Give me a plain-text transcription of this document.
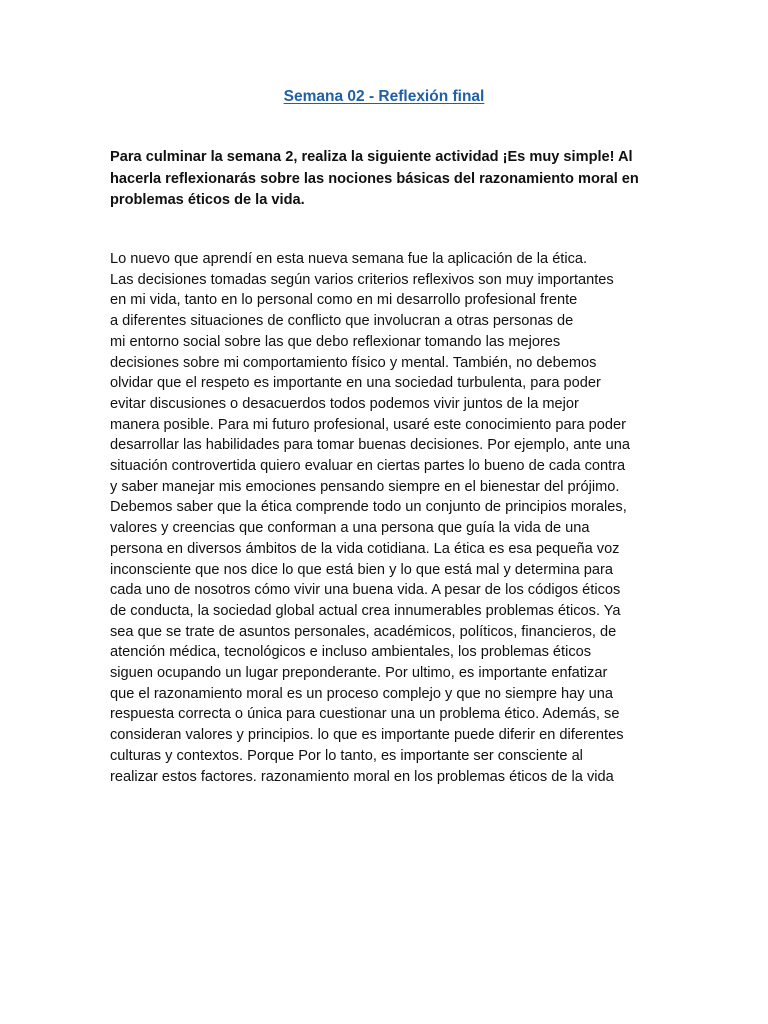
Semana 02 - Reflexión final

Para culminar la semana 2, realiza la siguiente actividad ¡Es muy simple! Al
hacerla reflexionarás sobre las nociones básicas del razonamiento moral en
problemas éticos de la vida.

Lo nuevo que aprendí en esta nueva semana fue la aplicación de la ética.
Las decisiones tomadas según varios criterios reflexivos son muy importantes
en mi vida, tanto en lo personal como en mi desarrollo profesional frente
a diferentes situaciones de conflicto que involucran a otras personas de
mi entorno social sobre las que debo reflexionar tomando las mejores
decisiones sobre mi comportamiento físico y mental. También, no debemos
olvidar que el respeto es importante en una sociedad turbulenta, para poder
evitar discusiones o desacuerdos todos podemos vivir juntos de la mejor
manera posible. Para mi futuro profesional, usaré este conocimiento para poder
desarrollar las habilidades para tomar buenas decisiones. Por ejemplo, ante una
situación controvertida quiero evaluar en ciertas partes lo bueno de cada contra
y saber manejar mis emociones pensando siempre en el bienestar del prójimo.
Debemos saber que la ética comprende todo un conjunto de principios morales,
valores y creencias que conforman a una persona que guía la vida de una
persona en diversos ámbitos de la vida cotidiana. La ética es esa pequeña voz
inconsciente que nos dice lo que está bien y lo que está mal y determina para
cada uno de nosotros cómo vivir una buena vida. A pesar de los códigos éticos
de conducta, la sociedad global actual crea innumerables problemas éticos. Ya
sea que se trate de asuntos personales, académicos, políticos, financieros, de
atención médica, tecnológicos e incluso ambientales, los problemas éticos
siguen ocupando un lugar preponderante. Por ultimo, es importante enfatizar
que el razonamiento moral es un proceso complejo y que no siempre hay una
respuesta correcta o única para cuestionar una un problema ético. Además, se
consideran valores y principios. lo que es importante puede diferir en diferentes
culturas y contextos. Porque Por lo tanto, es importante ser consciente al
realizar estos factores. razonamiento moral en los problemas éticos de la vida
